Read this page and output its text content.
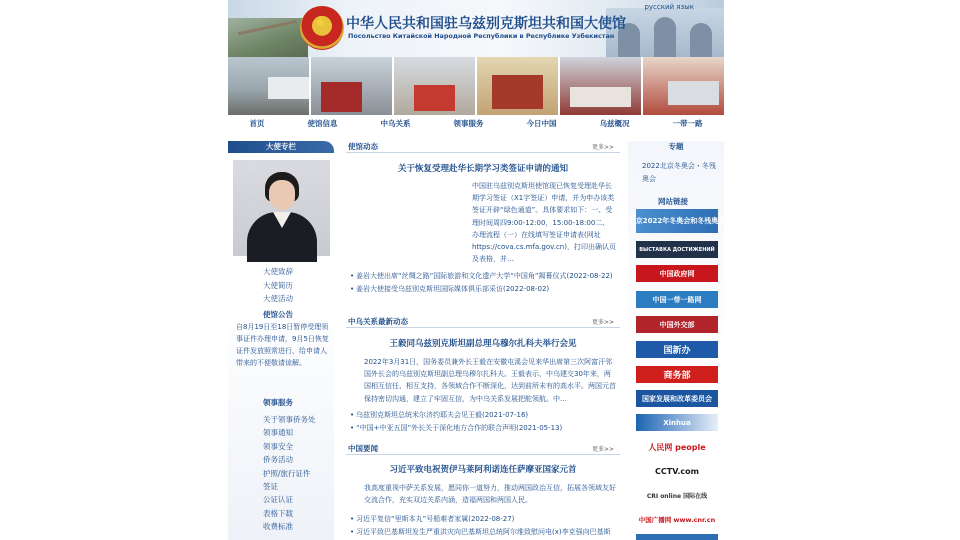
★ 中华人民共和国驻乌兹别克斯坦共和国大使馆
Посольство Китайской Народной Республики в Республике Узбекистан
русский язык
首页	使馆信息	中乌关系	领事服务	今日中国	乌兹概况	一带一路
大使专栏
大使致辞
大使简历
大使活动
使馆公告
自8月19日至18日暂停受理领事证件办理申请，9月5日恢复证件发放照常进行，给申请人带来的不便敬请谅解。
领事服务
关于领事侨务处
领事通知
领事安全
侨务活动
护照/旅行证件
签证
公证认证
表格下载
收费标准
使馆动态	更多>>
关于恢复受理赴华长期学习类签证申请的通知
中国驻乌兹别克斯坦使馆现已恢复受理赴华长期学习签证（X1字签证）申请，并为申办该类签证开辟“绿色通道”。具体要求如下：一、受理时间周四9:00-12:00，15:00-18:00二、办理流程（一）在线填写签证申请表(网址https://cova.cs.mfa.gov.cn)，打印出确认页及表格，并…
• 姜岩大使出席“丝绸之路”国际旅游和文化遗产大学“中国角”揭幕仪式(2022-08-22)
• 姜岩大使接受乌兹别克斯坦国际媒体俱乐部采访(2022-08-02)
中乌关系最新动态	更多>>
王毅同乌兹别克斯坦副总理乌穆尔扎科夫举行会见
2022年3月31日，国务委员兼外长王毅在安徽屯溪会见来华出席第三次阿富汗邻国外长会的乌兹别克斯坦副总理乌穆尔扎科夫。王毅表示，中乌建交30年来，两国相互信任、相互支持，各领域合作不断深化，达到前所未有的高水平。两国元首保持密切沟通，建立了牢固互信，为中乌关系发展把舵领航。中…
• 乌兹别克斯坦总统米尔济约耶夫会见王毅(2021-07-16)
• “中国+中亚五国”外长关于深化地方合作的联合声明(2021-05-13)
中国要闻	更多>>
习近平致电祝贺伊马莱阿利诺连任萨摩亚国家元首
我高度重视中萨关系发展，愿同你一道努力，推动两国政治互信，拓展各领域友好交流合作，充实双边关系内涵，造福两国和两国人民。
• 习近平复信“里斯本丸”号船难者家属(2022-08-27)
• 习近平致巴基斯坦发生严重洪灾向巴基斯坦总统阿尔维致慰问电(x)李克强向巴基斯
专题
2022北京冬奥会・冬残奥会
网站链接
北京2022年冬奥会和冬残奥会
ВЫСТАВКА ДОСТИЖЕНИЙ
中国政府网
中国一带一路网
中国外交部
国新办
商务部
国家发展和改革委员会
Xinhua
人民网 people
CCTV.com
CRI online 国际在线
中国广播网 www.cnr.cn
